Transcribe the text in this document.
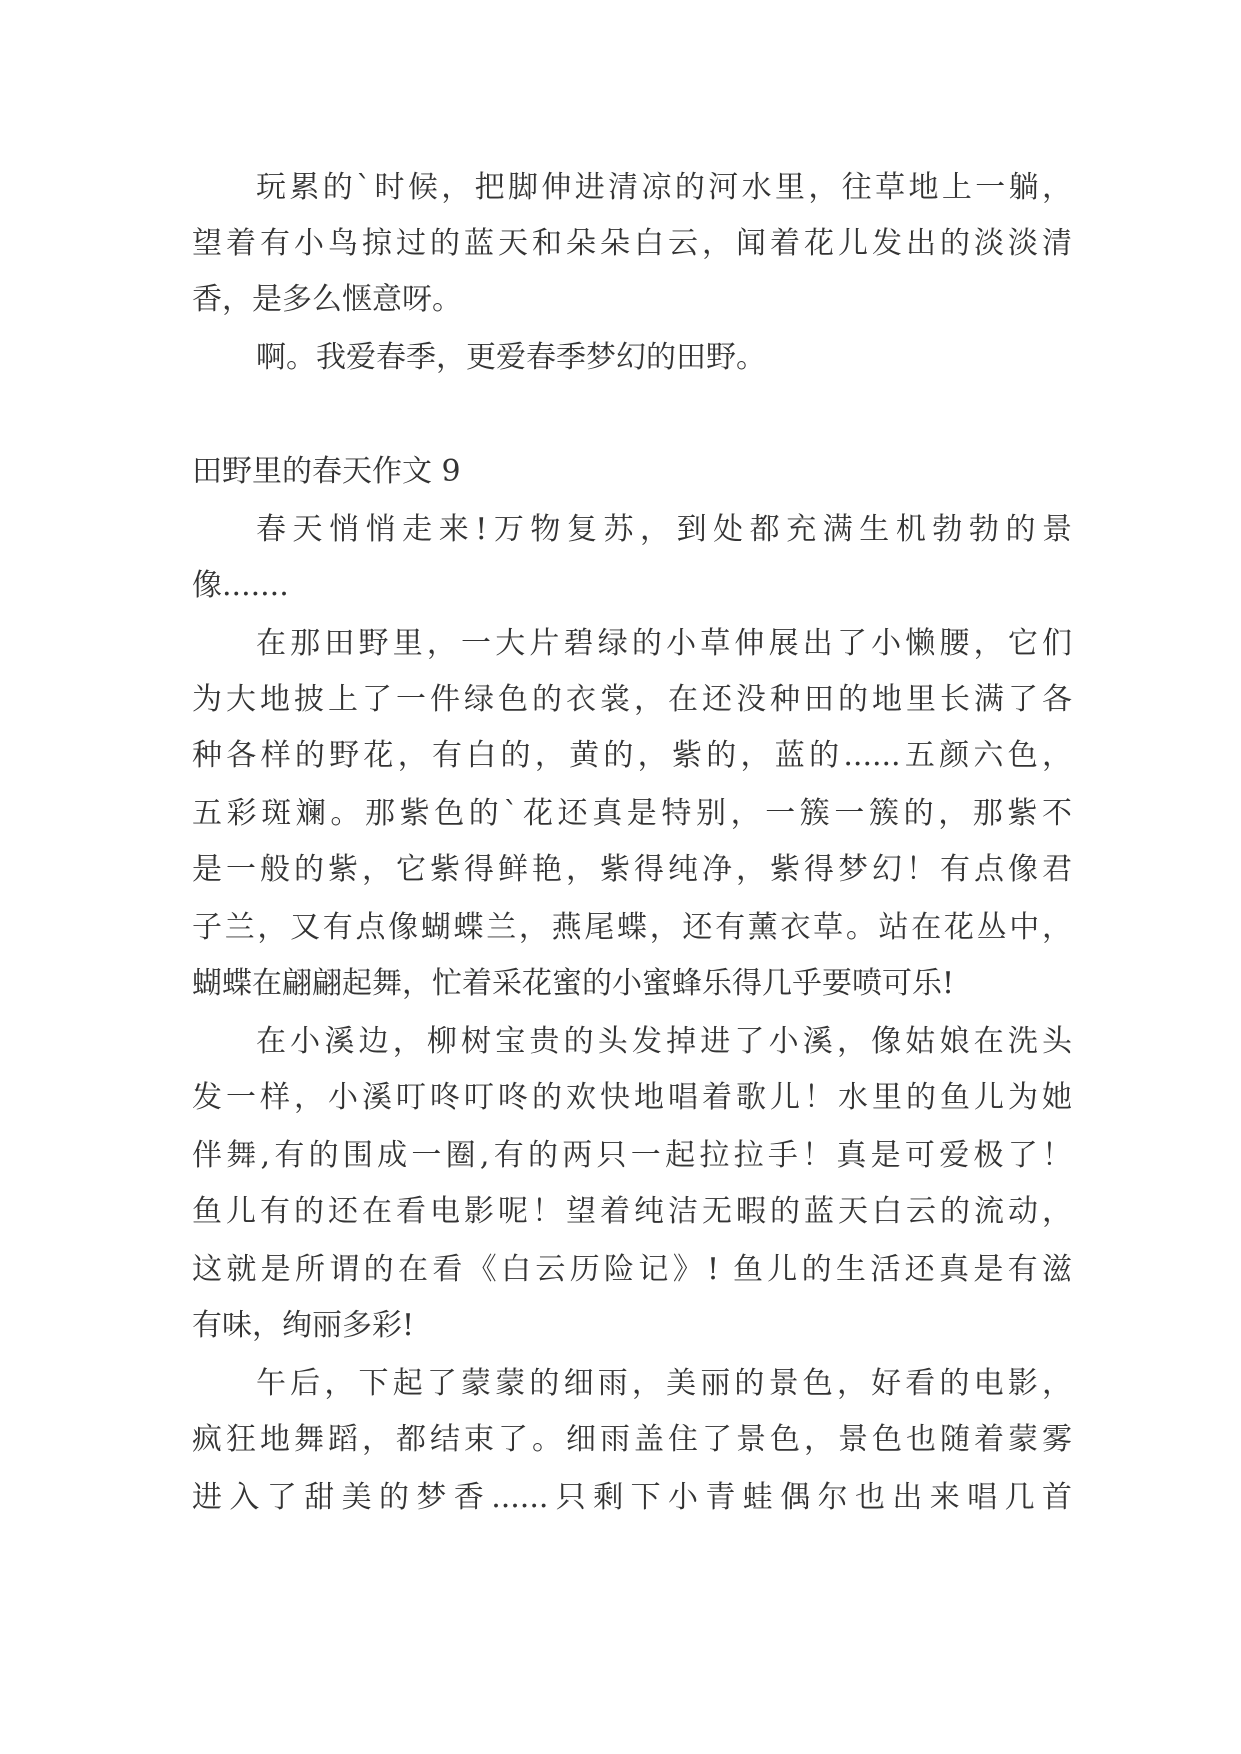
玩累的`时候，把脚伸进清凉的河水里，往草地上一躺，

望着有小鸟掠过的蓝天和朵朵白云，闻着花儿发出的淡淡清

香，是多么惬意呀。

啊。我爱春季，更爱春季梦幻的田野。

田野里的春天作文 9

春天悄悄走来!万物复苏，到处都充满生机勃勃的景

像.......

在那田野里，一大片碧绿的小草伸展出了小懒腰，它们

为大地披上了一件绿色的衣裳，在还没种田的地里长满了各

种各样的野花，有白的，黄的，紫的，蓝的......五颜六色，

五彩斑斓。那紫色的`花还真是特别，一簇一簇的，那紫不

是一般的紫，它紫得鲜艳，紫得纯净，紫得梦幻！有点像君

子兰，又有点像蝴蝶兰，燕尾蝶，还有薰衣草。站在花丛中，

蝴蝶在翩翩起舞，忙着采花蜜的小蜜蜂乐得几乎要喷可乐!

在小溪边，柳树宝贵的头发掉进了小溪，像姑娘在洗头

发一样，小溪叮咚叮咚的欢快地唱着歌儿！水里的鱼儿为她

伴舞,有的围成一圈,有的两只一起拉拉手！真是可爱极了！

鱼儿有的还在看电影呢！望着纯洁无暇的蓝天白云的流动，

这就是所谓的在看《白云历险记》! 鱼儿的生活还真是有滋

有味，绚丽多彩!

午后，下起了蒙蒙的细雨，美丽的景色，好看的电影，

疯狂地舞蹈，都结束了。细雨盖住了景色，景色也随着蒙雾

进入了甜美的梦香......只剩下小青蛙偶尔也出来唱几首
